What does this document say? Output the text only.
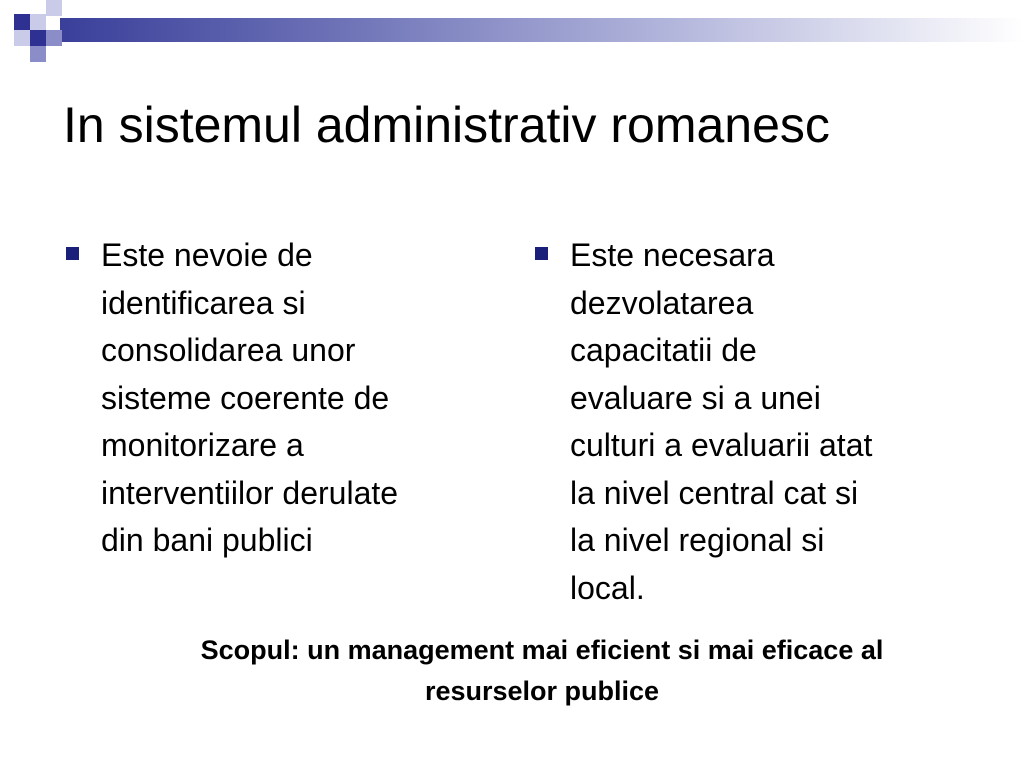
In sistemul administrativ romanesc
Este nevoie de
identificarea si
consolidarea unor
sisteme coerente de
monitorizare a
interventiilor derulate
din bani publici
Este necesara
dezvolatarea
capacitatii de
evaluare si a unei
culturi a evaluarii atat
la nivel central cat si
la nivel regional si
local.

Scopul: un management mai eficient si mai eficace al
resurselor publice
